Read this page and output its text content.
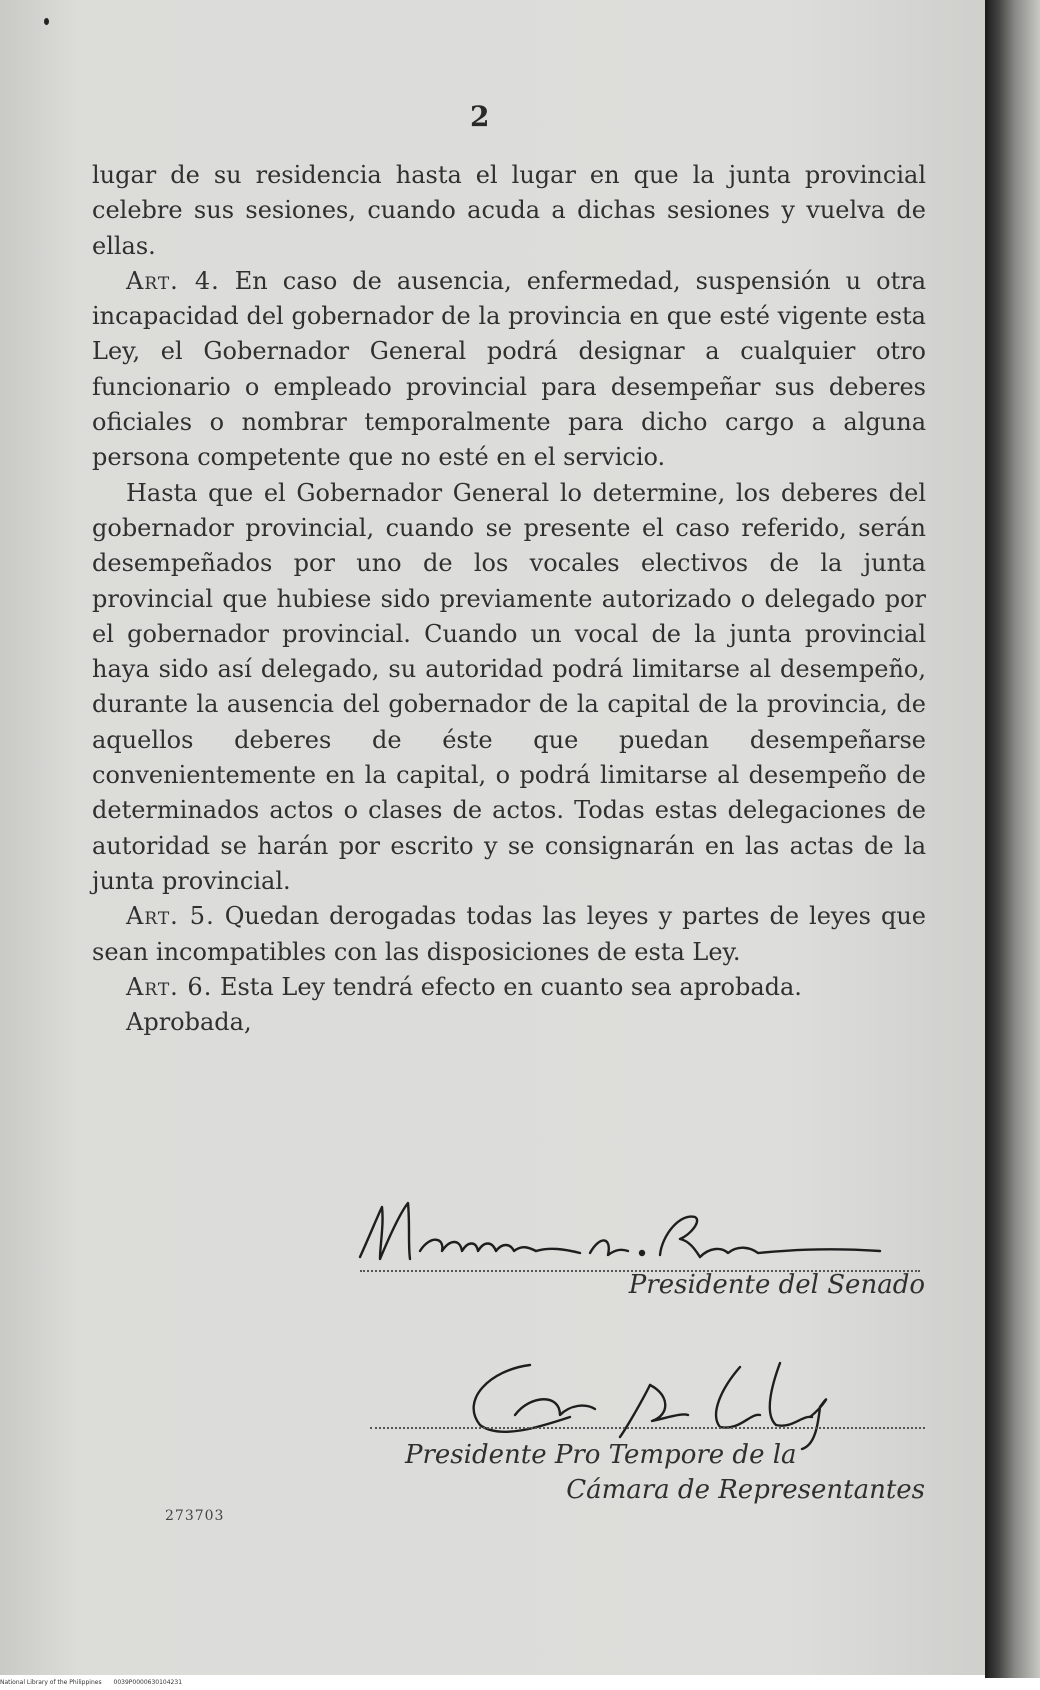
2

lugar de su residencia hasta el lugar en que la junta provincial celebre sus sesiones, cuando acuda a dichas sesiones y vuelva de ellas.

Art. 4. En caso de ausencia, enfermedad, suspensión u otra incapacidad del gobernador de la provincia en que esté vigente esta Ley, el Gobernador General podrá designar a cualquier otro funcionario o empleado provincial para desempeñar sus deberes oficiales o nombrar temporalmente para dicho cargo a alguna persona competente que no esté en el servicio.

Hasta que el Gobernador General lo determine, los deberes del gobernador provincial, cuando se presente el caso referido, serán desempeñados por uno de los vocales electivos de la junta provincial que hubiese sido previamente autorizado o delegado por el gobernador provincial. Cuando un vocal de la junta provincial haya sido así delegado, su autoridad podrá limitarse al desempeño, durante la ausencia del gobernador de la capital de la provincia, de aquellos deberes de éste que puedan desempeñarse convenientemente en la capital, o podrá limitarse al desempeño de determinados actos o clases de actos. Todas estas delegaciones de autoridad se harán por escrito y se consignarán en las actas de la junta provincial.

Art. 5. Quedan derogadas todas las leyes y partes de leyes que sean incompatibles con las disposiciones de esta Ley.

Art. 6. Esta Ley tendrá efecto en cuanto sea aprobada.

Aprobada,

Presidente del Senado
Presidente Pro Tempore de la
Cámara de Representantes
273703
National Library of the Philippines 0039P0000630104231
